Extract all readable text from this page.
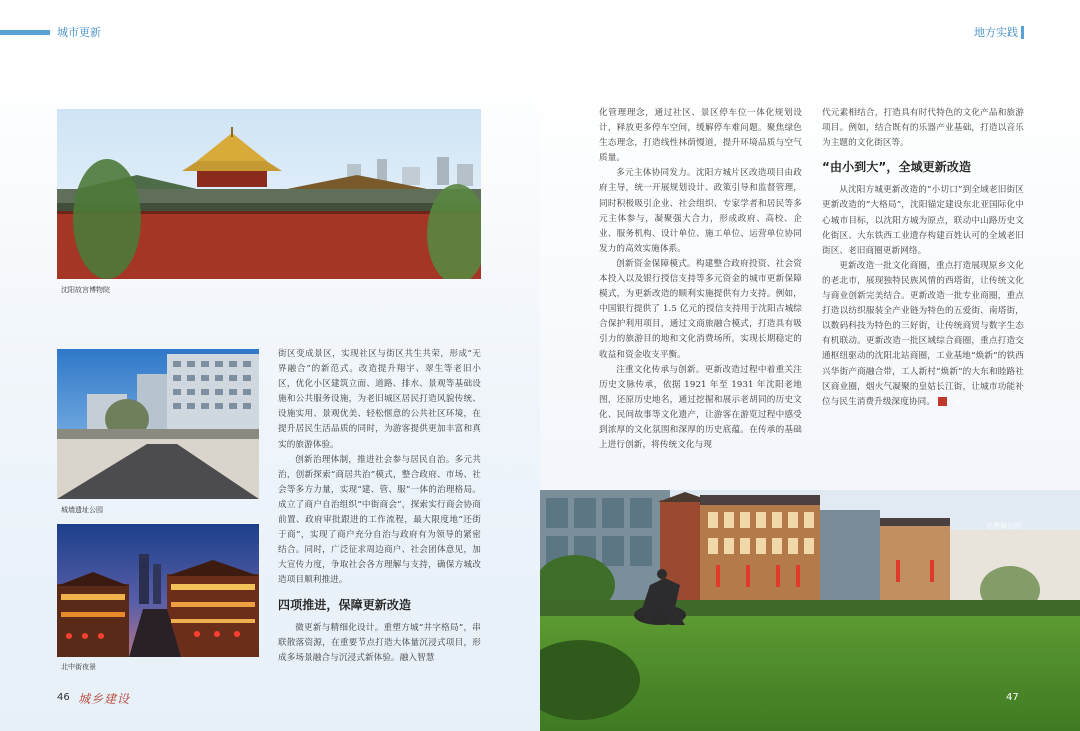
城市更新	地方实践
沈阳故宫博物院
城墙遗址公园
北中街夜景

街区变成景区，实现社区与街区共生共荣，形成“无界融合”的新范式。改造提升翔宇、翠生等老旧小区，优化小区建筑立面、道路、排水、景观等基础设施和公共服务设施，为老旧城区居民打造风貌传统、设施实用、景观优美、轻松惬意的公共社区环境，在提升居民生活品质的同时，为游客提供更加丰富和真实的旅游体验。

创新治理体制，推进社会参与居民自治。多元共治，创新探索“商居共治”模式，整合政府、市场、社会等多方力量，实现“建、管、服”一体的治理格局。成立了商户自治组织“中街商会”，探索实行商会协商前置、政府审批跟进的工作流程，最大限度地“还街于商”，实现了商户充分自治与政府有为领导的紧密结合。同时，广泛征求周边商户、社会团体意见，加大宣传力度，争取社会各方理解与支持，确保方城改造项目顺利推进。

四项推进，保障更新改造

微更新与精细化设计。重塑方城“井字格局”，串联散落资源，在重要节点打造大体量沉浸式项目，形成多场景融合与沉浸式新体验。融入智慧

化管理理念，通过社区、景区停车位一体化规划设计，释放更多停车空间，缓解停车难问题。聚焦绿色生态理念，打造线性林荫慢道，提升环境品质与空气质量。

多元主体协同发力。沈阳方城片区改造项目由政府主导，统一开展规划设计、政策引导和监督管理，同时积极吸引企业、社会组织、专家学者和居民等多元主体参与，凝聚强大合力，形成政府、高校、企业、服务机构、设计单位、施工单位、运营单位协同发力的高效实施体系。

创新资金保障模式。构建整合政府投资、社会资本投入以及银行授信支持等多元资金的城市更新保障模式，为更新改造的顺利实施提供有力支持。例如，中国银行提供了 1.5 亿元的授信支持用于沈阳古城综合保护利用项目，通过文商旅融合模式，打造具有吸引力的旅游目的地和文化消费场所，实现长期稳定的收益和资金收支平衡。

注重文化传承与创新。更新改造过程中着重关注历史文脉传承，依据 1921 年至 1931 年沈阳老地图，还原历史地名，通过挖掘和展示老胡同的历史文化、民间故事等文化遗产，让游客在游览过程中感受到浓厚的文化氛围和深厚的历史底蕴。在传承的基础上进行创新，将传统文化与现

代元素相结合，打造具有时代特色的文化产品和旅游项目。例如，结合既有的乐器产业基础，打造以音乐为主题的文化街区等。

“由小到大”，全域更新改造

从沈阳方城更新改造的“小切口”到全域老旧街区更新改造的“大格局”，沈阳锚定建设东北亚国际化中心城市目标，以沈阳方城为原点，联动中山路历史文化街区、大东铁西工业遗存构建百姓认可的全域老旧街区、老旧商圈更新网络。

更新改造一批文化商圈，重点打造展现原乡文化的老北市，展现独特民族风情的西塔街，让传统文化与商业创新完美结合。更新改造一批专业商圈，重点打造以纺织服装全产业链为特色的五爱街、南塔街，以数码科技为特色的三好街，让传统商贸与数字生态有机联动。更新改造一批区域综合商圈，重点打造交通枢纽驱动的沈阳北站商圈，工业基地“焕新”的铁西兴华街产商融合带，工人新村“焕新”的大东和睦路社区商业圈，烟火气凝聚的皇姑长江街，让城市功能补位与民生消费升级深度协同。	ix

北塔城公园
46 城乡建设	47
